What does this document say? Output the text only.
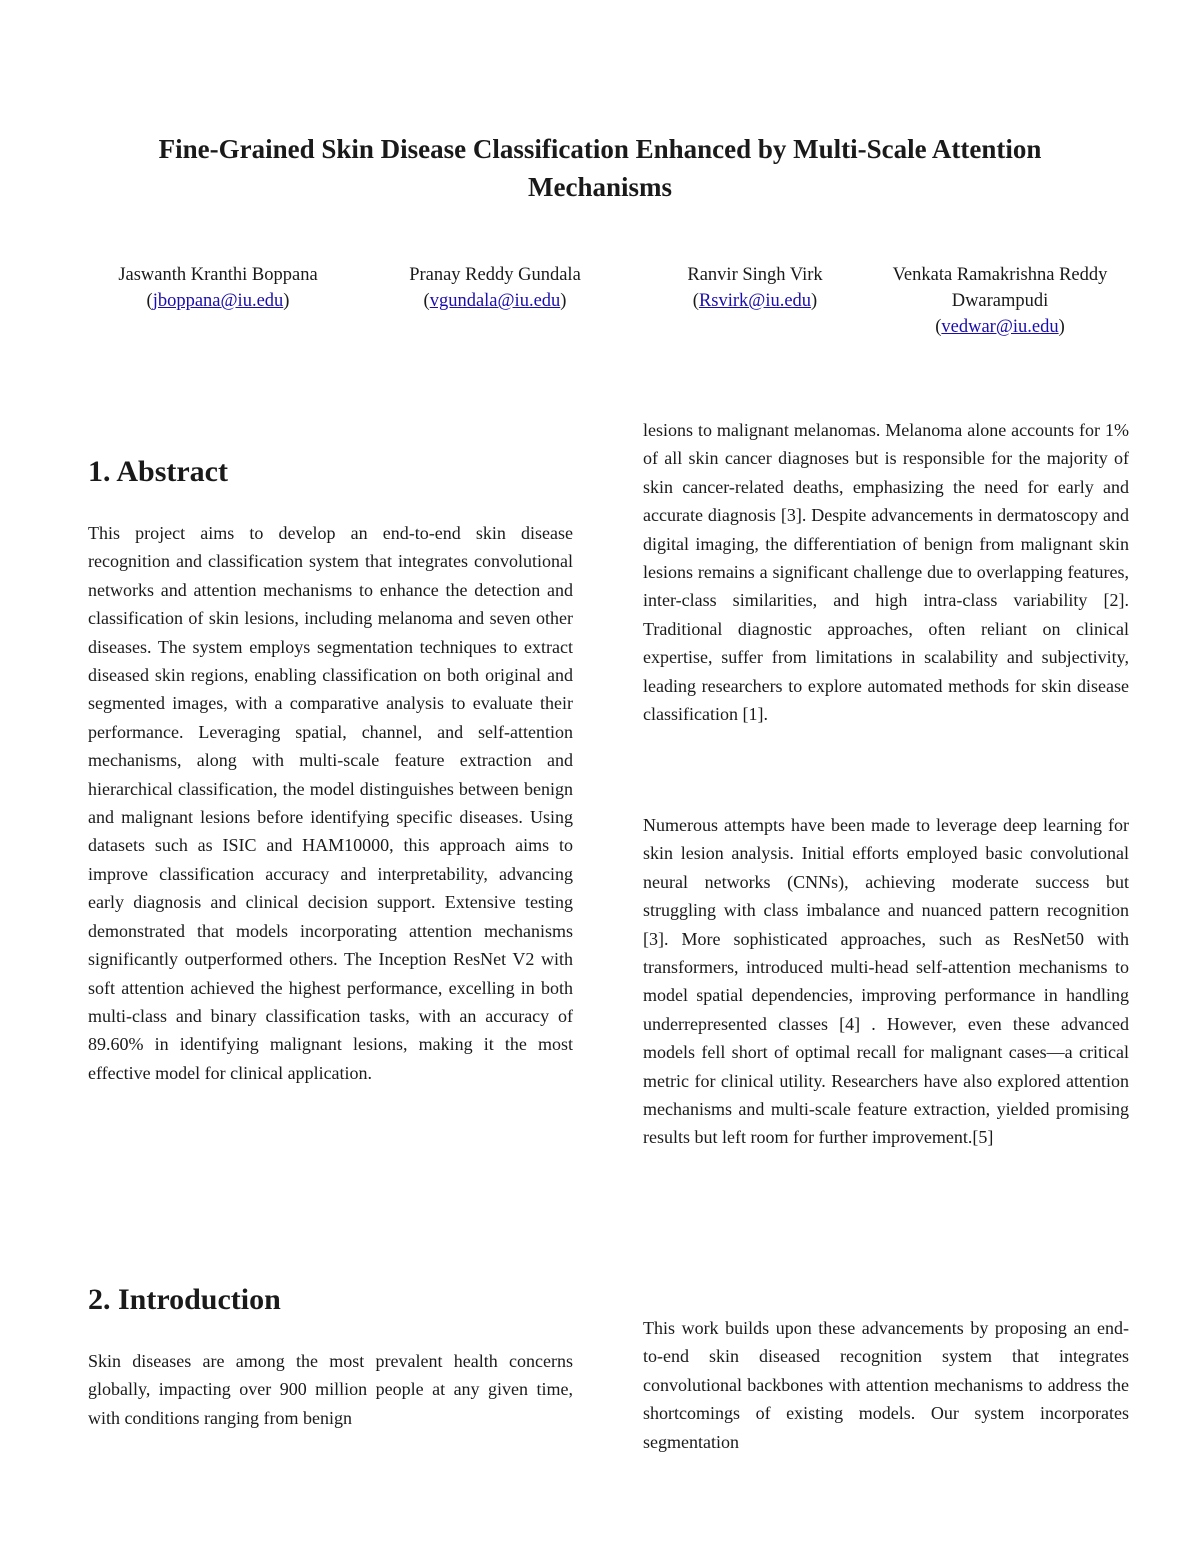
Fine-Grained Skin Disease Classification Enhanced by Multi-Scale Attention Mechanisms
Jaswanth Kranthi Boppana
(jboppana@iu.edu)
Pranay Reddy Gundala
(vgundala@iu.edu)
Ranvir Singh Virk
(Rsvirk@iu.edu)
Venkata Ramakrishna Reddy Dwarampudi
(vedwar@iu.edu)
1. Abstract

This project aims to develop an end-to-end skin disease recognition and classification system that integrates convolutional networks and attention mechanisms to enhance the detection and classification of skin lesions, including melanoma and seven other diseases. The system employs segmentation techniques to extract diseased skin regions, enabling classification on both original and segmented images, with a comparative analysis to evaluate their performance. Leveraging spatial, channel, and self-attention mechanisms, along with multi-scale feature extraction and hierarchical classification, the model distinguishes between benign and malignant lesions before identifying specific diseases. Using datasets such as ISIC and HAM10000, this approach aims to improve classification accuracy and interpretability, advancing early diagnosis and clinical decision support. Extensive testing demonstrated that models incorporating attention mechanisms significantly outperformed others. The Inception ResNet V2 with soft attention achieved the highest performance, excelling in both multi-class and binary classification tasks, with an accuracy of 89.60% in identifying malignant lesions, making it the most effective model for clinical application.

2. Introduction

Skin diseases are among the most prevalent health concerns globally, impacting over 900 million people at any given time, with conditions ranging from benign

lesions to malignant melanomas. Melanoma alone accounts for 1% of all skin cancer diagnoses but is responsible for the majority of skin cancer-related deaths, emphasizing the need for early and accurate diagnosis [3]. Despite advancements in dermatoscopy and digital imaging, the differentiation of benign from malignant skin lesions remains a significant challenge due to overlapping features, inter-class similarities, and high intra-class variability [2]. Traditional diagnostic approaches, often reliant on clinical expertise, suffer from limitations in scalability and subjectivity, leading researchers to explore automated methods for skin disease classification [1].

Numerous attempts have been made to leverage deep learning for skin lesion analysis. Initial efforts employed basic convolutional neural networks (CNNs), achieving moderate success but struggling with class imbalance and nuanced pattern recognition [3]. More sophisticated approaches, such as ResNet50 with transformers, introduced multi-head self-attention mechanisms to model spatial dependencies, improving performance in handling underrepresented classes [4] . However, even these advanced models fell short of optimal recall for malignant cases—a critical metric for clinical utility. Researchers have also explored attention mechanisms and multi-scale feature extraction, yielded promising results but left room for further improvement.[5]

This work builds upon these advancements by proposing an end-to-end skin diseased recognition system that integrates convolutional backbones with attention mechanisms to address the shortcomings of existing models. Our system incorporates segmentation
